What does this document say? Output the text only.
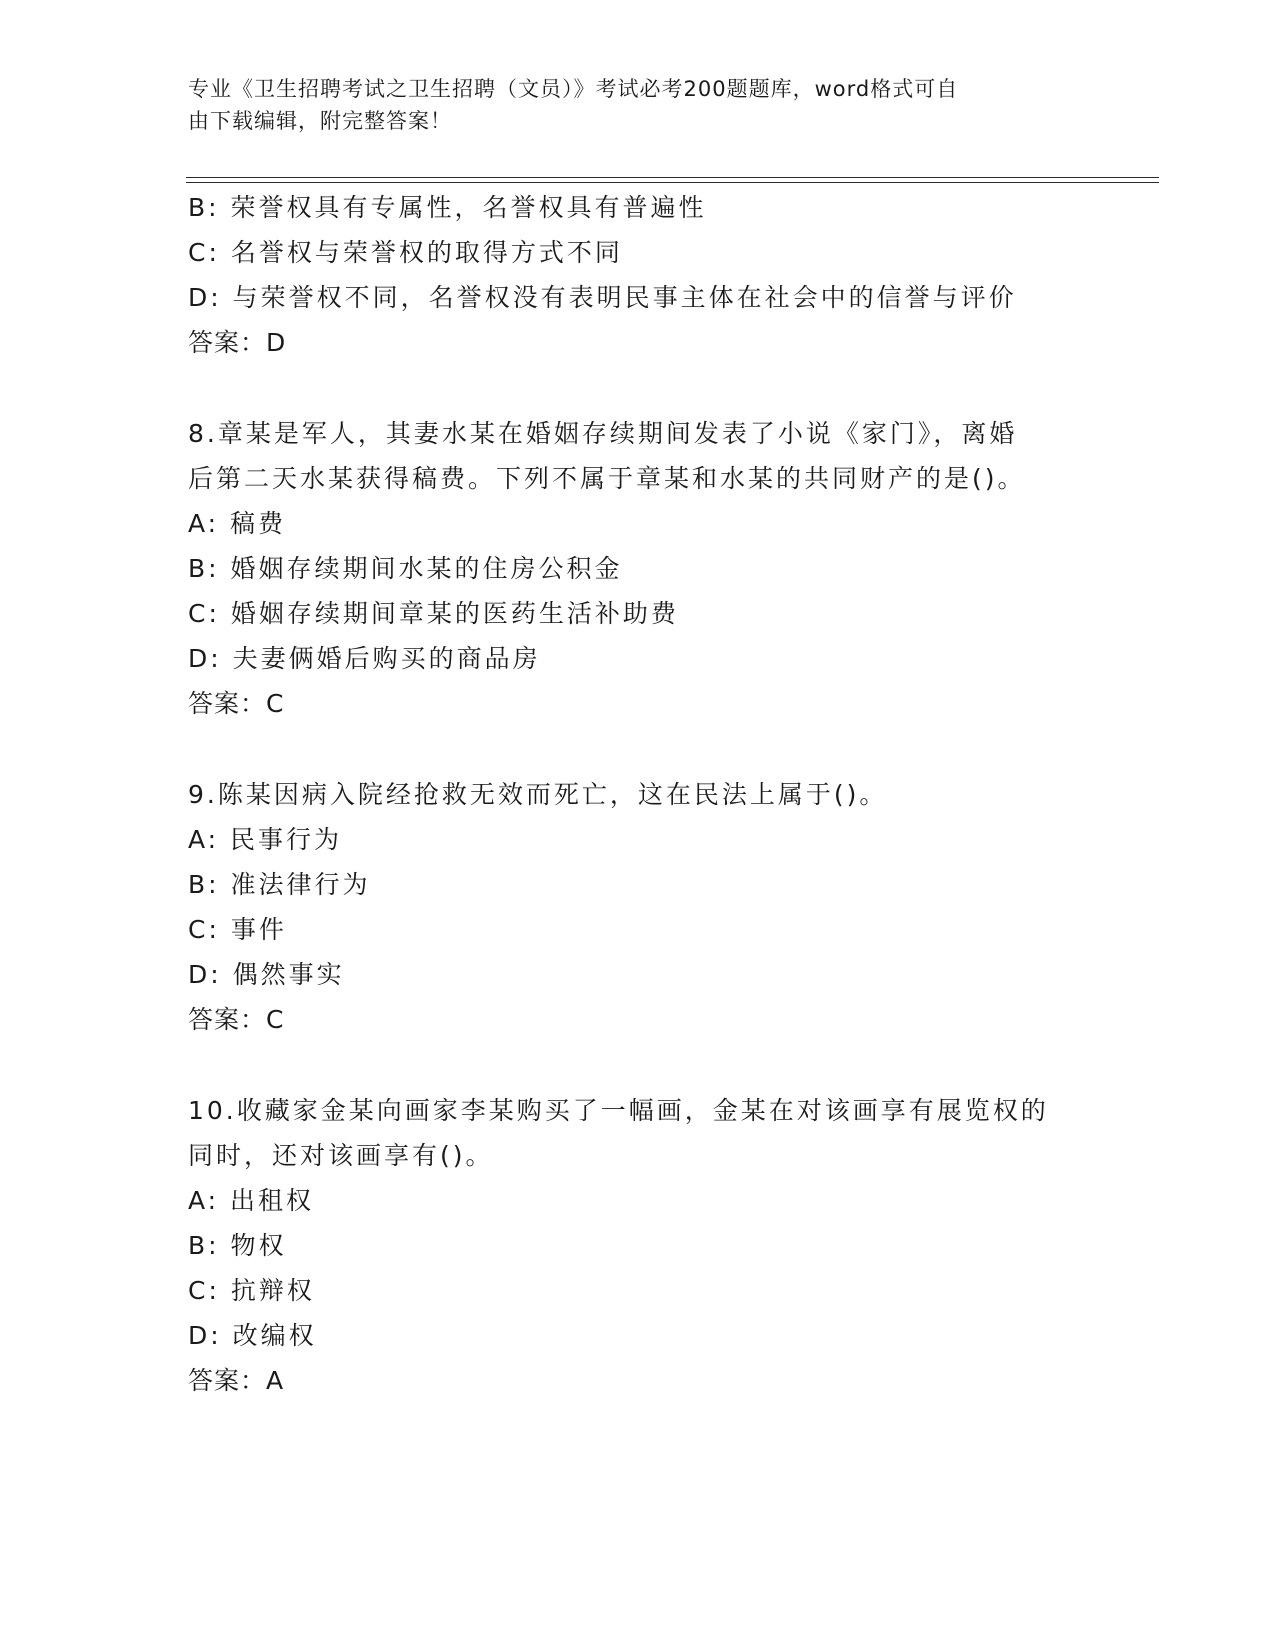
专业《卫生招聘考试之卫生招聘（文员）》考试必考200题题库，word格式可自
由下载编辑，附完整答案！
B: 荣誉权具有专属性，名誉权具有普遍性
C: 名誉权与荣誉权的取得方式不同
D: 与荣誉权不同，名誉权没有表明民事主体在社会中的信誉与评价
答案：D
8.章某是军人，其妻水某在婚姻存续期间发表了小说《家门》，离婚
后第二天水某获得稿费。下列不属于章某和水某的共同财产的是()。
A: 稿费
B: 婚姻存续期间水某的住房公积金
C: 婚姻存续期间章某的医药生活补助费
D: 夫妻俩婚后购买的商品房
答案：C
9.陈某因病入院经抢救无效而死亡，这在民法上属于()。
A: 民事行为
B: 准法律行为
C: 事件
D: 偶然事实
答案：C
10.收藏家金某向画家李某购买了一幅画，金某在对该画享有展览权的
同时，还对该画享有()。
A: 出租权
B: 物权
C: 抗辩权
D: 改编权
答案：A
